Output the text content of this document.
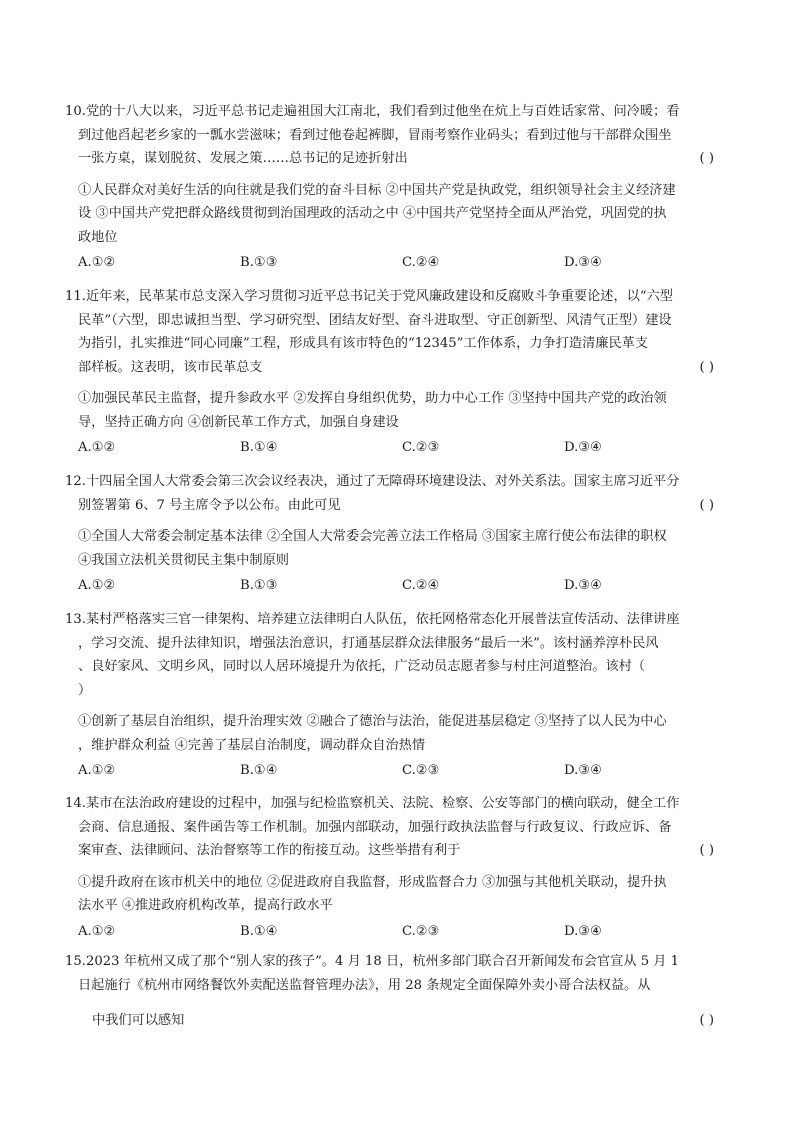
10.党的十八大以来，习近平总书记走遍祖国大江南北，我们看到过他坐在炕上与百姓话家常、问冷暖；看
到过他舀起老乡家的一瓢水尝滋味；看到过他卷起裤脚，冒雨考察作业码头；看到过他与干部群众围坐
一张方桌，谋划脱贫、发展之策……总书记的足迹折射出	( )
①人民群众对美好生活的向往就是我们党的奋斗目标 ②中国共产党是执政党，组织领导社会主义经济建
设 ③中国共产党把群众路线贯彻到治国理政的活动之中 ④中国共产党坚持全面从严治党，巩固党的执
政地位
A.①②	B.①③	C.②④	D.③④
11.近年来，民革某市总支深入学习贯彻习近平总书记关于党风廉政建设和反腐败斗争重要论述，以“六型
民革”（六型，即忠诚担当型、学习研究型、团结友好型、奋斗进取型、守正创新型、风清气正型）建设
为指引，扎实推进“同心同廉”工程，形成具有该市特色的“12345”工作体系，力争打造清廉民革支
部样板。这表明，该市民革总支	( )
①加强民革民主监督，提升参政水平 ②发挥自身组织优势，助力中心工作 ③坚持中国共产党的政治领
导，坚持正确方向 ④创新民革工作方式，加强自身建设
A.①②	B.①④	C.②③	D.③④
12.十四届全国人大常委会第三次会议经表决，通过了无障碍环境建设法、对外关系法。国家主席习近平分
别签署第 6、7 号主席令予以公布。由此可见	( )
①全国人大常委会制定基本法律 ②全国人大常委会完善立法工作格局 ③国家主席行使公布法律的职权
④我国立法机关贯彻民主集中制原则
A.①②	B.①③	C.②④	D.③④
13.某村严格落实三官一律架构、培养建立法律明白人队伍，依托网格常态化开展普法宣传活动、法律讲座
，学习交流、提升法律知识，增强法治意识，打通基层群众法律服务“最后一米”。该村涵养淳朴民风
、良好家风、文明乡风，同时以人居环境提升为依托，广泛动员志愿者参与村庄河道整治。该村（
）
①创新了基层自治组织，提升治理实效 ②融合了德治与法治，能促进基层稳定 ③坚持了以人民为中心
，维护群众利益 ④完善了基层自治制度，调动群众自治热情
A.①②	B.①④	C.②③	D.③④
14.某市在法治政府建设的过程中，加强与纪检监察机关、法院、检察、公安等部门的横向联动，健全工作
会商、信息通报、案件函告等工作机制。加强内部联动，加强行政执法监督与行政复议、行政应诉、备
案审查、法律顾问、法治督察等工作的衔接互动。这些举措有利于	( )
①提升政府在该市机关中的地位 ②促进政府自我监督，形成监督合力 ③加强与其他机关联动，提升执
法水平 ④推进政府机构改革，提高行政水平
A.①②	B.①④	C.②③	D.③④
15.2023 年杭州又成了那个“别人家的孩子”。4 月 18 日，杭州多部门联合召开新闻发布会官宣从 5 月 1
日起施行《杭州市网络餐饮外卖配送监督管理办法》，用 28 条规定全面保障外卖小哥合法权益。从
中我们可以感知	( )
